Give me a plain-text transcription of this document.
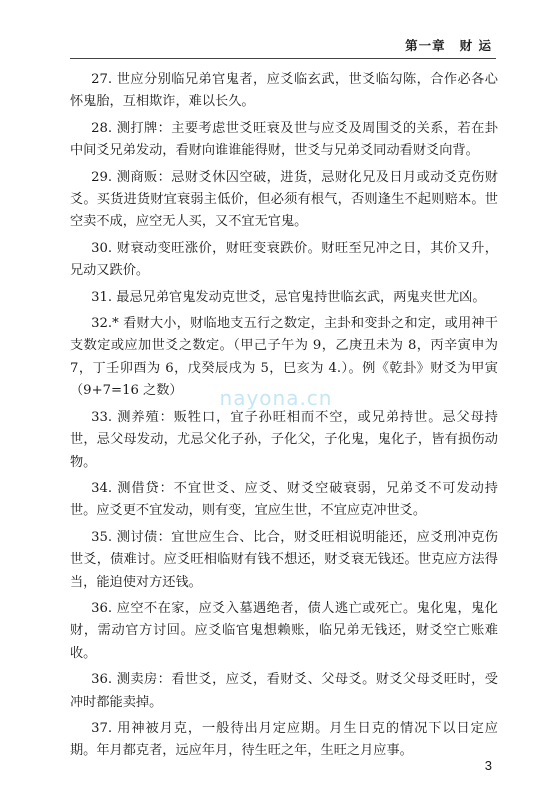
第一章 财 运

27. 世应分别临兄弟官鬼者，应爻临玄武，世爻临勾陈，合作必各心怀鬼胎，互相欺诈，难以长久。

28. 测打牌：主要考虑世爻旺衰及世与应爻及周围爻的关系，若在卦中间爻兄弟发动，看财向谁谁能得财，世爻与兄弟爻同动看财爻向背。

29. 测商贩：忌财爻休囚空破，进货，忌财化兄及日月或动爻克伤财爻。买货进货财宜衰弱主低价，但必须有根气，否则逢生不起则赔本。世空卖不成，应空无人买，又不宜无官鬼。

30. 财衰动变旺涨价，财旺变衰跌价。财旺至兄冲之日，其价又升，兄动又跌价。

31. 最忌兄弟官鬼发动克世爻，忌官鬼持世临玄武，两鬼夹世尤凶。

32.* 看财大小，财临地支五行之数定，主卦和变卦之和定，或用神干支数定或应加世爻之数定。（甲己子午为 9，乙庚丑未为 8，丙辛寅申为 7，丁壬卯酉为 6，戊癸辰戌为 5，巳亥为 4.）。例《乾卦》财爻为甲寅（9+7=16 之数）

33. 测养殖：贩牲口，宜子孙旺相而不空，或兄弟持世。忌父母持世，忌父母发动，尤忌父化子孙，子化父，子化鬼，鬼化子，皆有损伤动物。

34. 测借贷：不宜世爻、应爻、财爻空破衰弱，兄弟爻不可发动持世。应爻更不宜发动，则有变，宜应生世，不宜应克冲世爻。

35. 测讨债：宜世应生合、比合，财爻旺相说明能还，应爻刑冲克伤世爻，债难讨。应爻旺相临财有钱不想还，财爻衰无钱还。世克应方法得当，能迫使对方还钱。

36. 应空不在家，应爻入墓遇绝者，债人逃亡或死亡。鬼化鬼，鬼化财，需动官方讨回。应爻临官鬼想赖账，临兄弟无钱还，财爻空亡账难收。

36. 测卖房：看世爻，应爻，看财爻、父母爻。财爻父母爻旺时，受冲时都能卖掉。

37. 用神被月克，一般待出月定应期。月生日克的情况下以日定应期。年月都克者，远应年月，待生旺之年，生旺之月应事。

nayona.cn
3
